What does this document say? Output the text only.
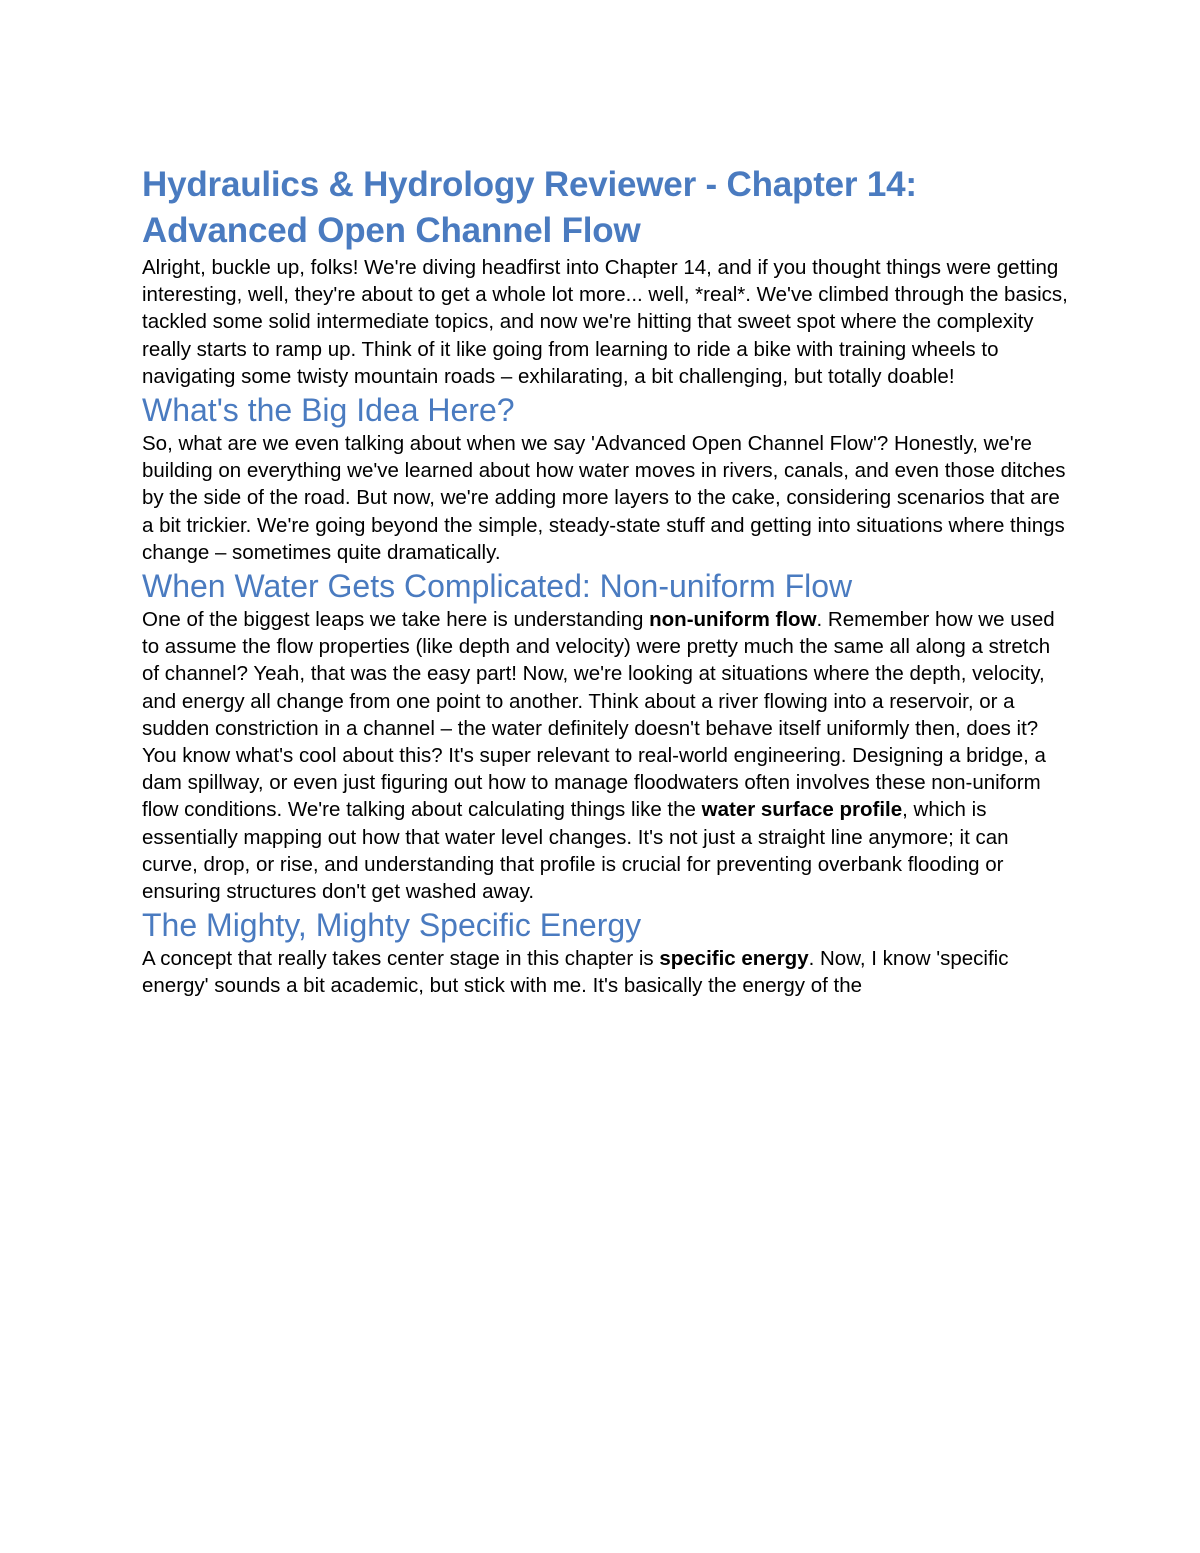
Hydraulics & Hydrology Reviewer - Chapter 14: Advanced Open Channel Flow

Alright, buckle up, folks! We're diving headfirst into Chapter 14, and if you thought things were getting interesting, well, they're about to get a whole lot more... well, *real*. We've climbed through the basics, tackled some solid intermediate topics, and now we're hitting that sweet spot where the complexity really starts to ramp up. Think of it like going from learning to ride a bike with training wheels to navigating some twisty mountain roads – exhilarating, a bit challenging, but totally doable!

What's the Big Idea Here?

So, what are we even talking about when we say 'Advanced Open Channel Flow'? Honestly, we're building on everything we've learned about how water moves in rivers, canals, and even those ditches by the side of the road. But now, we're adding more layers to the cake, considering scenarios that are a bit trickier. We're going beyond the simple, steady-state stuff and getting into situations where things change – sometimes quite dramatically.

When Water Gets Complicated: Non-uniform Flow

One of the biggest leaps we take here is understanding non-uniform flow. Remember how we used to assume the flow properties (like depth and velocity) were pretty much the same all along a stretch of channel? Yeah, that was the easy part! Now, we're looking at situations where the depth, velocity, and energy all change from one point to another. Think about a river flowing into a reservoir, or a sudden constriction in a channel – the water definitely doesn't behave itself uniformly then, does it?

You know what's cool about this? It's super relevant to real-world engineering. Designing a bridge, a dam spillway, or even just figuring out how to manage floodwaters often involves these non-uniform flow conditions. We're talking about calculating things like the water surface profile, which is essentially mapping out how that water level changes. It's not just a straight line anymore; it can curve, drop, or rise, and understanding that profile is crucial for preventing overbank flooding or ensuring structures don't get washed away.

The Mighty, Mighty Specific Energy

A concept that really takes center stage in this chapter is specific energy. Now, I know 'specific energy' sounds a bit academic, but stick with me. It's basically the energy of the
